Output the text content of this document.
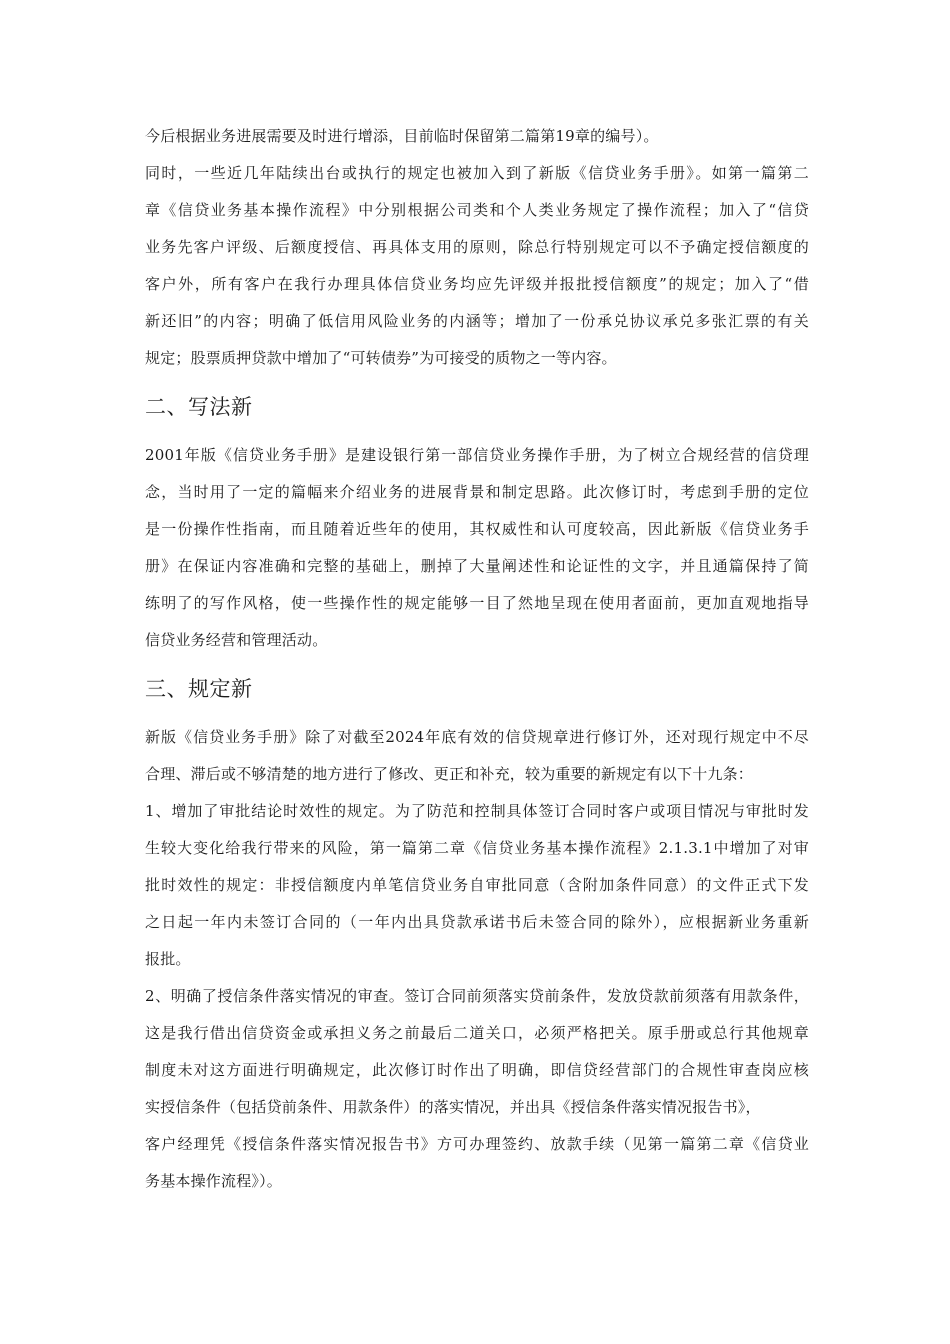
今后根据业务进展需要及时进行增添，目前临时保留第二篇第19章的编号）。
同时，一些近几年陆续出台或执行的规定也被加入到了新版《信贷业务手册》。如第一篇第二
章《信贷业务基本操作流程》中分别根据公司类和个人类业务规定了操作流程；加入了“信贷
业务先客户评级、后额度授信、再具体支用的原则，除总行特别规定可以不予确定授信额度的
客户外，所有客户在我行办理具体信贷业务均应先评级并报批授信额度”的规定；加入了“借
新还旧”的内容；明确了低信用风险业务的内涵等；增加了一份承兑协议承兑多张汇票的有关
规定；股票质押贷款中增加了“可转债券”为可接受的质物之一等内容。
二、写法新
2001年版《信贷业务手册》是建设银行第一部信贷业务操作手册，为了树立合规经营的信贷理
念，当时用了一定的篇幅来介绍业务的进展背景和制定思路。此次修订时，考虑到手册的定位
是一份操作性指南，而且随着近些年的使用，其权威性和认可度较高，因此新版《信贷业务手
册》在保证内容准确和完整的基础上，删掉了大量阐述性和论证性的文字，并且通篇保持了简
练明了的写作风格，使一些操作性的规定能够一目了然地呈现在使用者面前，更加直观地指导
信贷业务经营和管理活动。
三、规定新
新版《信贷业务手册》除了对截至2024年底有效的信贷规章进行修订外，还对现行规定中不尽
合理、滞后或不够清楚的地方进行了修改、更正和补充，较为重要的新规定有以下十九条：
1、增加了审批结论时效性的规定。为了防范和控制具体签订合同时客户或项目情况与审批时发
生较大变化给我行带来的风险，第一篇第二章《信贷业务基本操作流程》2.1.3.1中增加了对审
批时效性的规定：非授信额度内单笔信贷业务自审批同意（含附加条件同意）的文件正式下发
之日起一年内未签订合同的（一年内出具贷款承诺书后未签合同的除外），应根据新业务重新
报批。
2、明确了授信条件落实情况的审查。签订合同前须落实贷前条件，发放贷款前须落有用款条件，
这是我行借出信贷资金或承担义务之前最后二道关口，必须严格把关。原手册或总行其他规章
制度未对这方面进行明确规定，此次修订时作出了明确，即信贷经营部门的合规性审查岗应核
实授信条件（包括贷前条件、用款条件）的落实情况，并出具《授信条件落实情况报告书》，
客户经理凭《授信条件落实情况报告书》方可办理签约、放款手续（见第一篇第二章《信贷业
务基本操作流程》）。
